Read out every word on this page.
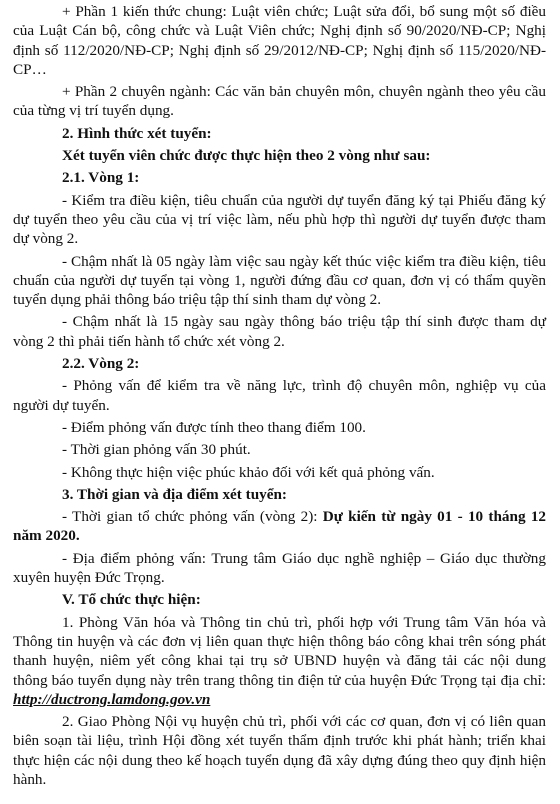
+ Phần 1 kiến thức chung: Luật viên chức; Luật sửa đổi, bổ sung một số điều của Luật Cán bộ, công chức và Luật Viên chức; Nghị định số 90/2020/NĐ-CP; Nghị định số 112/2020/NĐ-CP; Nghị định số 29/2012/NĐ-CP; Nghị định số 115/2020/NĐ-CP…

+ Phần 2 chuyên ngành: Các văn bản chuyên môn, chuyên ngành theo yêu cầu của từng vị trí tuyển dụng.

2. Hình thức xét tuyển:

Xét tuyển viên chức được thực hiện theo 2 vòng như sau:

2.1. Vòng 1:

- Kiểm tra điều kiện, tiêu chuẩn của người dự tuyển đăng ký tại Phiếu đăng ký dự tuyển theo yêu cầu của vị trí việc làm, nếu phù hợp thì người dự tuyển được tham dự vòng 2.

- Chậm nhất là 05 ngày làm việc sau ngày kết thúc việc kiểm tra điều kiện, tiêu chuẩn của người dự tuyển tại vòng 1, người đứng đầu cơ quan, đơn vị có thẩm quyền tuyển dụng phải thông báo triệu tập thí sinh tham dự vòng 2.

- Chậm nhất là 15 ngày sau ngày thông báo triệu tập thí sinh được tham dự vòng 2 thì phải tiến hành tổ chức xét vòng 2.

2.2. Vòng 2:

- Phỏng vấn để kiểm tra về năng lực, trình độ chuyên môn, nghiệp vụ của người dự tuyển.

- Điểm phỏng vấn được tính theo thang điểm 100.

- Thời gian phỏng vấn 30 phút.

- Không thực hiện việc phúc khảo đối với kết quả phỏng vấn.

3. Thời gian và địa điểm xét tuyển:

- Thời gian tổ chức phỏng vấn (vòng 2): Dự kiến từ ngày 01 - 10 tháng 12 năm 2020.

- Địa điểm phỏng vấn: Trung tâm Giáo dục nghề nghiệp – Giáo dục thường xuyên huyện Đức Trọng.

V. Tổ chức thực hiện:

1. Phòng Văn hóa và Thông tin chủ trì, phối hợp với Trung tâm Văn hóa và Thông tin huyện và các đơn vị liên quan thực hiện thông báo công khai trên sóng phát thanh huyện, niêm yết công khai tại trụ sở UBND huyện và đăng tải các nội dung thông báo tuyển dụng này trên trang thông tin điện tử của huyện Đức Trọng tại địa chỉ: http://ductrong.lamdong.gov.vn

2. Giao Phòng Nội vụ huyện chủ trì, phối với các cơ quan, đơn vị có liên quan biên soạn tài liệu, trình Hội đồng xét tuyển thẩm định trước khi phát hành; triển khai thực hiện các nội dung theo kế hoạch tuyển dụng đã xây dựng đúng theo quy định hiện hành.
